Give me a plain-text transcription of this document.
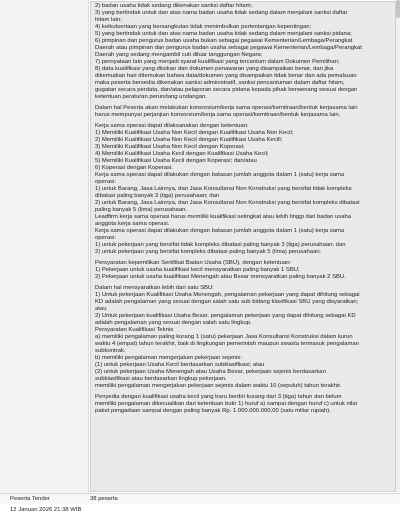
2) badan usaha tidak sedang dikenakan sanksi daftar hitam;

3) yang bertindak untuk dan atas nama badan usaha tidak sedang dalam menjalani sanksi daftar

hitam lain;

4) keikutsertaan yang bersangkutan tidak menimbulkan pertentangan kepentingan;

5) yang bertindak untuk dan atas nama badan usaha tidak sedang dalam menjalani sanksi pidana;

6) pimpinan dan pengurus badan usaha bukan sebagai pegawai Kementerian/Lembaga/Perangkat

Daerah atau pimpinan dan pengurus badan usaha sebagai pegawai Kementerian/Lembaga/Perangkat

Daerah yang sedang mengambil cuti diluar tanggungan Negara;

7) pernyataan lain yang menjadi syarat kualifikasi yang tercantum dalam Dokumen Pemilihan;

8) data kualifikasi yang diisikan dan dokumen penawaran yang disampaikan benar, dan jika

dikemudian hari ditemukan bahwa data/dokumen yang disampaikan tidak benar dan ada pemalsuan

maka peserta bersedia dikenakan sanksi administratif, sanksi pencantuman dalam daftar hitam,

gugatan secara perdata, dan/atau pelaporan secara pidana kepada pihak berwenang sesuai dengan

ketentuan peraturan perundang undangan.

Dalam hal Peserta akan melakukan konsorsium/kerja sama operasi/kemitraan/bentuk kerjasama lain

harus mempunyai perjanjian konsorsium/kerja sama operasi/kemitraan/bentuk kerjasama lain.

Kerja sama operasi dapat dilaksanakan dengan ketentuan:

1) Memiliki Kualifikasi Usaha Non Kecil dengan Kualifikasi Usaha Non Kecil;

2) Memiliki Kualifikasi Usaha Non Kecil dengan Kualifikasi Usaha Kecill;

3) Memiliki Kualifikasi Usaha Non Kecil dengan Koperasi;

4) Memiliki Kualifikasi Usaha Kecil dengan Kualifikasi Usaha Kecil;

5) Memiliki Kualifikasi Usaha Kecil dengan Koperasi; dan/atau

6) Koperasi dengan Koperasi.

Kerja sama operasi dapat dilakukan dengan batasan jumlah anggota dalam 1 (satu) kerja sama

operasi:

1) untuk Barang, Jasa Lainnya, dan Jasa Konsultansi Non Konstruksi yang bersifat tidak kompleks

dibatasi paling banyak 3 (tiga) perusahaan; dan

2) untuk Barang, Jasa Lainnya, dan Jasa Konsultansi Non Konstruksi yang bersifat kompleks dibatasi

paling banyak 5 (lima) perusahaan.

Leadfirm kerja sama operasi harus memiliki kualifikasi setingkat atau lebih tinggi dari badan usaha

anggota kerja sama operasi.

Kerja sama operasi dapat dilakukan dengan batasan jumlah anggota dalam 1 (satu) kerja sama

operasi:

1) untuk pekerjaan yang bersifat tidak kompleks dibatasi paling banyak 3 (tiga) perusahaan; dan

2) untuk pekerjaan yang bersifat kompleks dibatasi paling banyak 5 (lima) perusahaan.

Persyaratan kepemilikan Sertifikat Badan Usaha (SBU), dengan ketentuan:

1) Pekerjaan untuk usaha kualifikasi kecil mensyaratkan paling banyak 1 SBU;

2) Pekerjaan untuk usaha kualifikasi Menengah atau Besar mensyaratkan paling banyak 2 SBU.

Dalam hal mensyaratkan lebih dari satu SBU:

1) Untuk pekerjaan Kualifikasi Usaha Menengah, pengalaman pekerjaan yang dapat dihitung sebagai

KD adalah pengalaman yang sesuai dengan salah satu sub bidang klasifikasi SBU yang disyaratkan;

atau

2) Untuk pekerjaan kualifikasi Usaha Besar, pengalaman pekerjaan yang dapat dihitung sebagai KD

adalah pengalaman yang sesuai dengan salah satu lingkup.

Persyaratan Kualifikasi Teknis

a) memiliki pengalaman paling kurang 1 (satu) pekerjaan Jasa Konsultansi Konstruksi dalam kurun

waktu 4 (empat) tahun terakhir, baik di lingkungan pemerintah maupun swasta termasuk pengalaman

subkontrak.

b) memiliki pengalaman mengerjakan pekerjaan sejenis:

(1) untuk pekerjaan Usaha Kecil berdasarkan subklasifikasi; atau

(2) untuk pekerjaan Usaha Menengah atau Usaha Besar, pekerjaan sejenis berdasarkan

subklasifikasi atau berdasarkan lingkup pekerjaan.

memiliki pengalaman mengerjakan pekerjaan sejenis dalam waktu 10 (sepuluh) tahun terakhir.

Penyedia dengan kualifikasi usaha kecil yang baru berdiri kurang dari 3 (tiga) tahun dan belum

memiliki pengalaman dikecualikan dari ketentuan butir 1) huruf a) sampai dengan huruf c) untuk nilai

paket pengadaan sampai dengan paling banyak Rp. 1.000.000.000,00 (satu miliar rupiah).

Peserta Tender	38 peserta
12 Januari 2026 21:38 WIB
